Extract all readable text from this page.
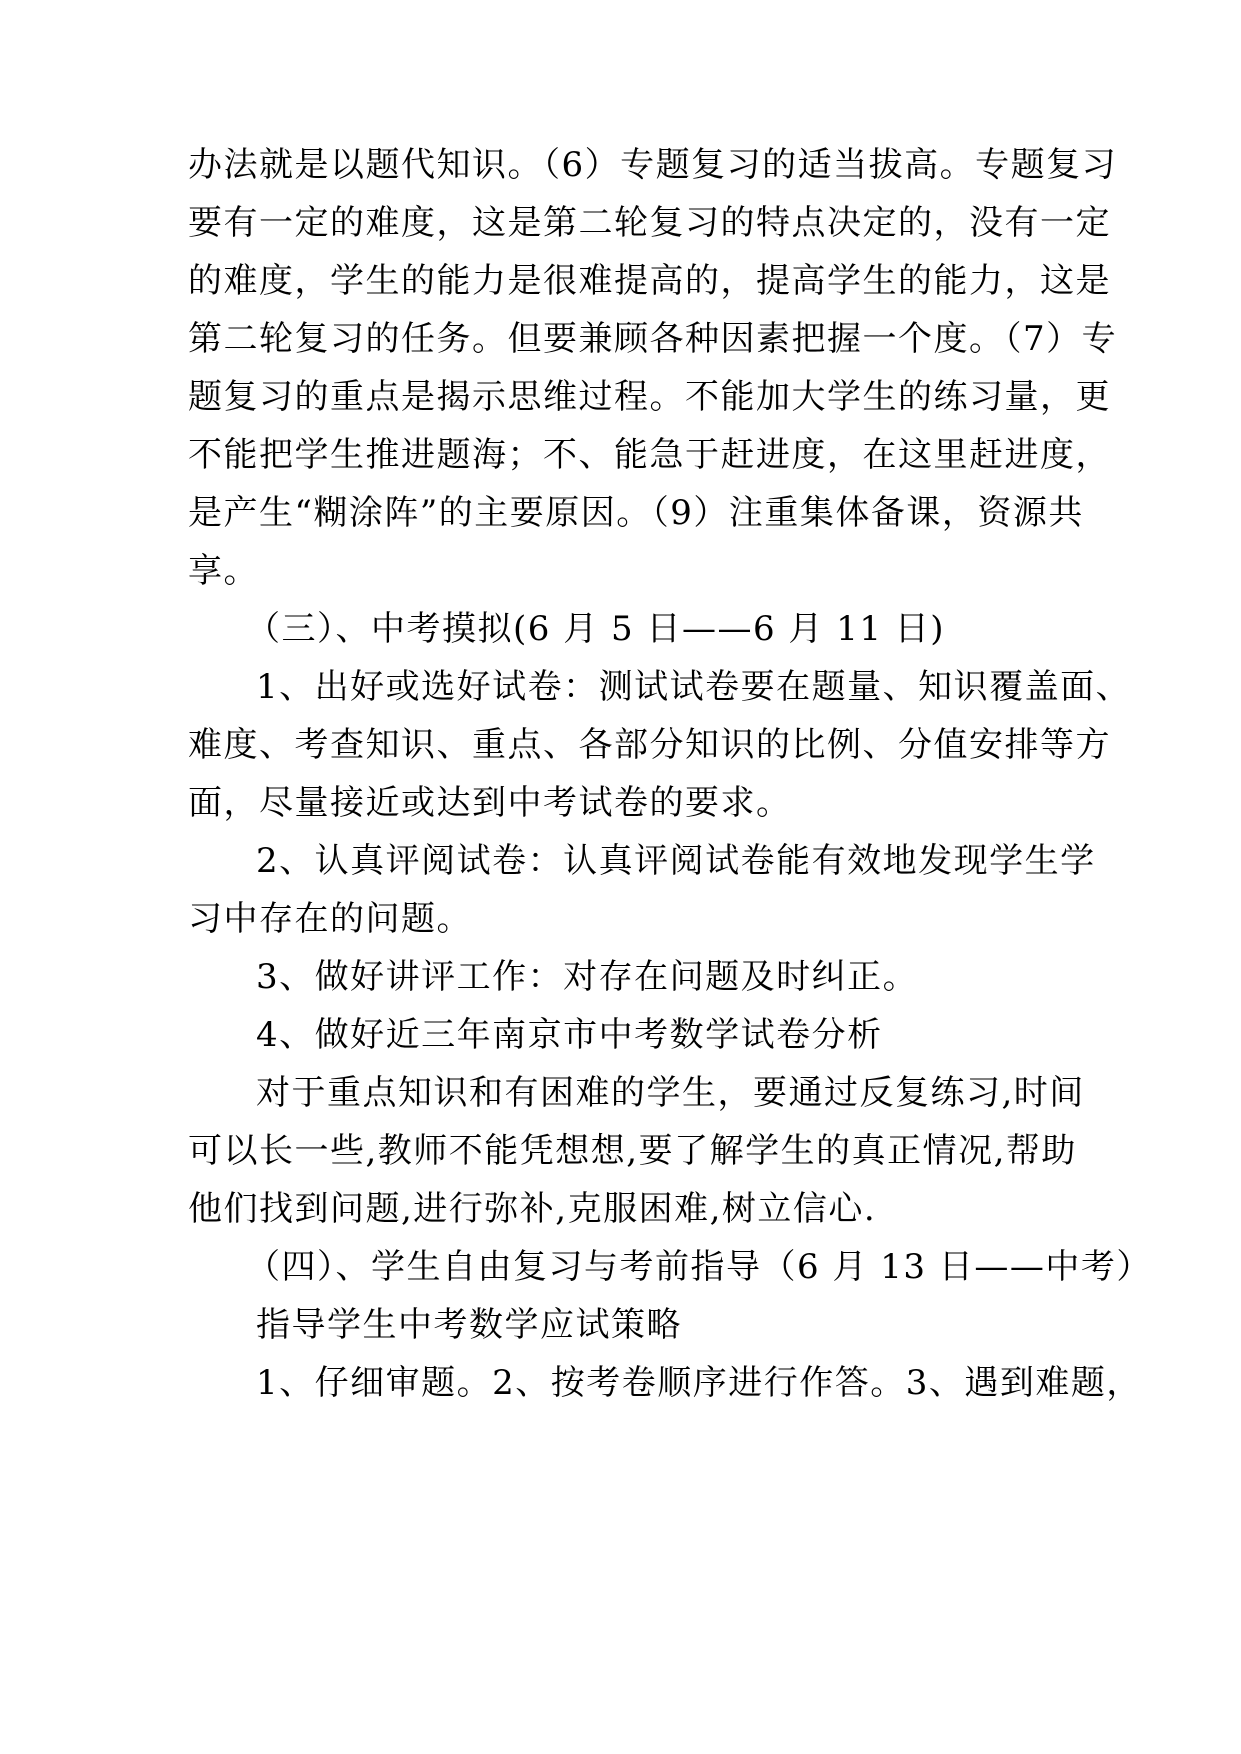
办法就是以题代知识。（6）专题复习的适当拔高。专题复习
要有一定的难度，这是第二轮复习的特点决定的，没有一定
的难度，学生的能力是很难提高的，提高学生的能力，这是
第二轮复习的任务。但要兼顾各种因素把握一个度。（7）专
题复习的重点是揭示思维过程。不能加大学生的练习量，更
不能把学生推进题海；不、能急于赶进度，在这里赶进度，
是产生“糊涂阵”的主要原因。（9）注重集体备课，资源共
享。
（三）、中考摸拟(6 月 5 日——6 月 11 日)
1、出好或选好试卷：测试试卷要在题量、知识覆盖面、
难度、考查知识、重点、各部分知识的比例、分值安排等方
面，尽量接近或达到中考试卷的要求。
2、认真评阅试卷：认真评阅试卷能有效地发现学生学
习中存在的问题。
3、做好讲评工作：对存在问题及时纠正。
4、做好近三年南京市中考数学试卷分析
对于重点知识和有困难的学生，要通过反复练习,时间
可以长一些,教师不能凭想想,要了解学生的真正情况,帮助
他们找到问题,进行弥补,克服困难,树立信心.
（四）、学生自由复习与考前指导（6 月 13 日——中考）
指导学生中考数学应试策略
1、仔细审题。2、按考卷顺序进行作答。3、遇到难题，
